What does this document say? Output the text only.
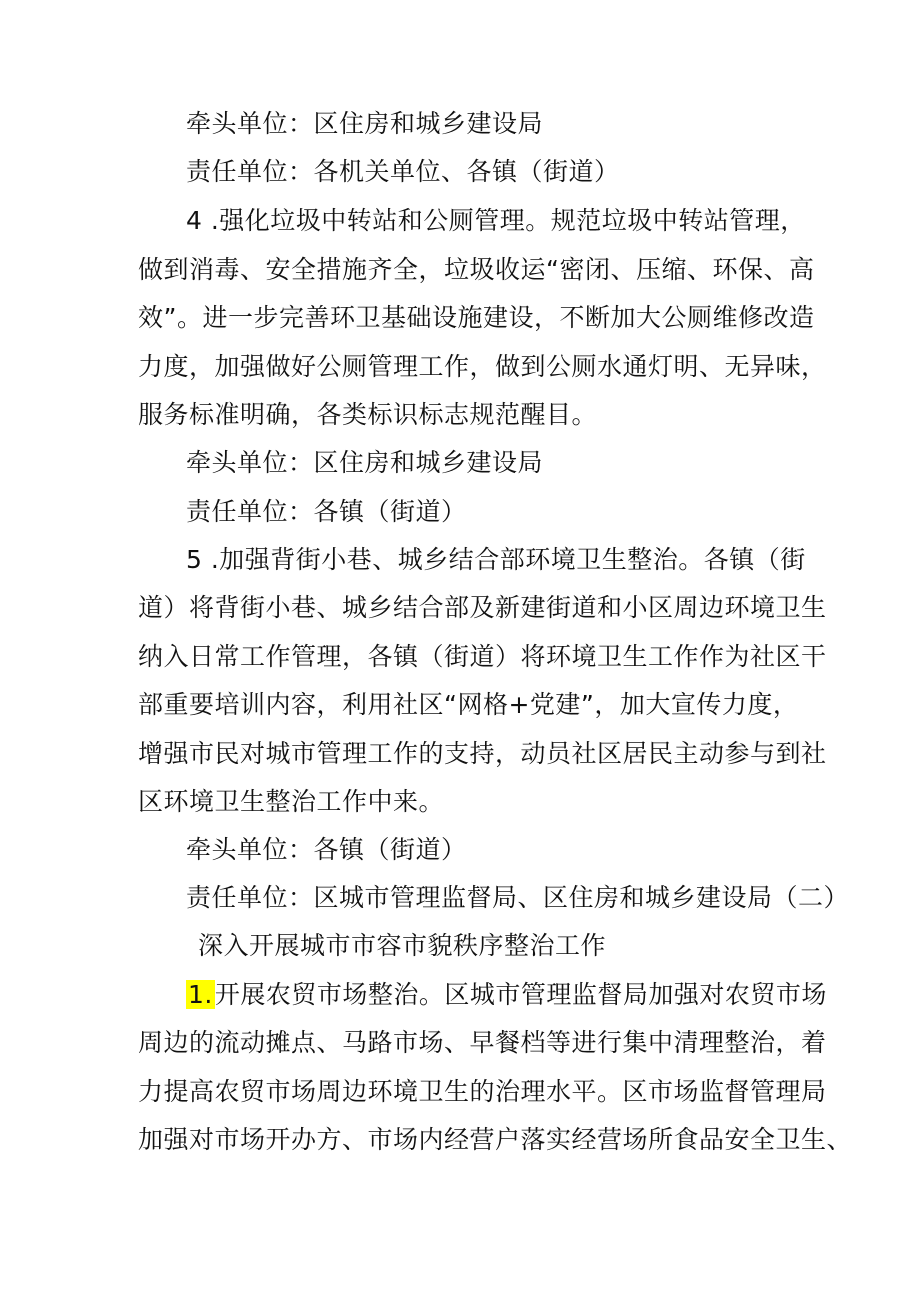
牵头单位：区住房和城乡建设局
责任单位：各机关单位、各镇（街道）
4 .强化垃圾中转站和公厕管理。规范垃圾中转站管理，
做到消毒、安全措施齐全，垃圾收运“密闭、压缩、环保、高
效”。进一步完善环卫基础设施建设，不断加大公厕维修改造
力度，加强做好公厕管理工作，做到公厕水通灯明、无异味，
服务标准明确，各类标识标志规范醒目。
牵头单位：区住房和城乡建设局
责任单位：各镇（街道）
5 .加强背街小巷、城乡结合部环境卫生整治。各镇（街
道）将背街小巷、城乡结合部及新建街道和小区周边环境卫生
纳入日常工作管理，各镇（街道）将环境卫生工作作为社区干
部重要培训内容，利用社区“网格+党建”，加大宣传力度，
增强市民对城市管理工作的支持，动员社区居民主动参与到社
区环境卫生整治工作中来。
牵头单位：各镇（街道）
责任单位：区城市管理监督局、区住房和城乡建设局（二）
深入开展城市市容市貌秩序整治工作
1.开展农贸市场整治。区城市管理监督局加强对农贸市场
周边的流动摊点、马路市场、早餐档等进行集中清理整治，着
力提高农贸市场周边环境卫生的治理水平。区市场监督管理局
加强对市场开办方、市场内经营户落实经营场所食品安全卫生、
